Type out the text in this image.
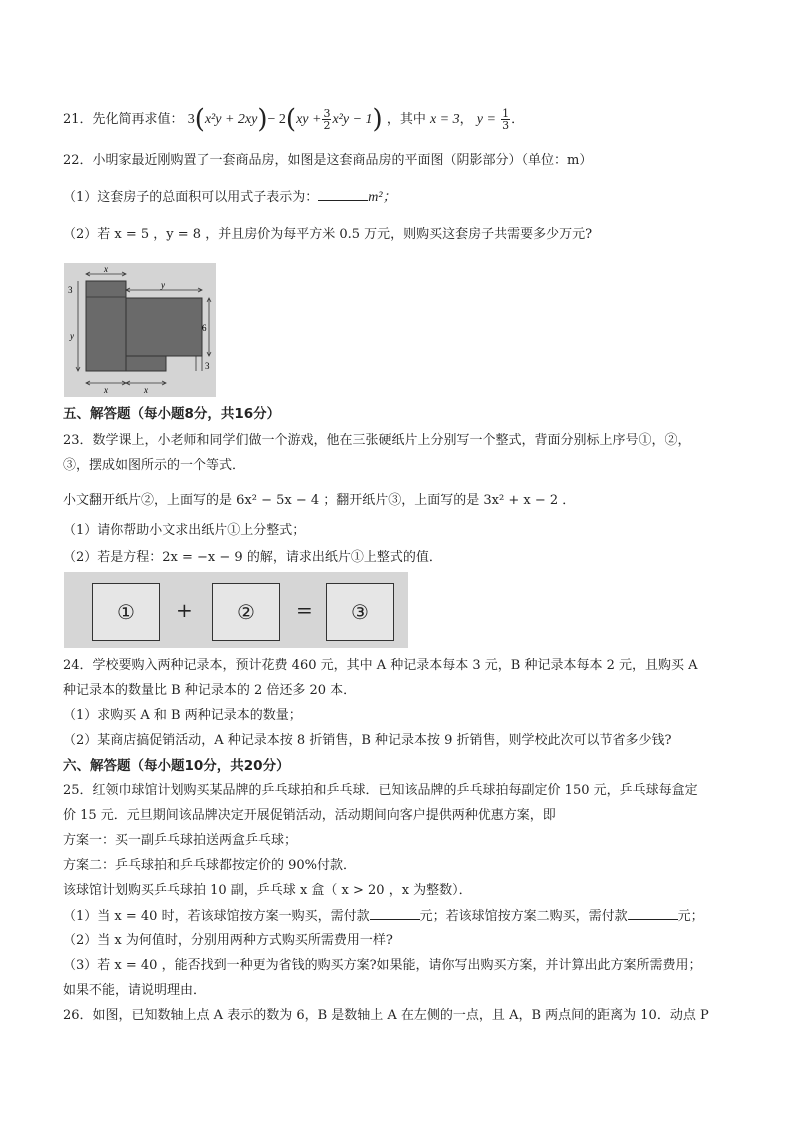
21．先化简再求值： $3(x^2y + 2xy)- 2(xy + \frac{3}{2} x^2y - 1)$ ，其中 x = 3， $y = \frac{1}{3}$ ．
22．小明家最近刚购置了一套商品房，如图是这套商品房的平面图（阴影部分）（单位：m）
（1）这套房子的总面积可以用式子表示为：	m²；
（2）若 x = 5 ，y = 8 ，并且房价为每平方米 0.5 万元，则购买这套房子共需要多少万元?
x
y
3
y
6
3
x	x
五、解答题（每小题8分，共16分）
23．数学课上，小老师和同学们做一个游戏，他在三张硬纸片上分别写一个整式，背面分别标上序号①，②，
③，摆成如图所示的一个等式．
小文翻开纸片②，上面写的是 6x² − 5x − 4 ；翻开纸片③，上面写的是 3x² + x − 2 ．
（1）请你帮助小文求出纸片①上分整式；
（2）若是方程：2x = −x − 9 的解，请求出纸片①上整式的值．
① + ② = ③
24．学校要购入两种记录本，预计花费 460 元，其中 A 种记录本每本 3 元，B 种记录本每本 2 元，且购买 A
种记录本的数量比 B 种记录本的 2 倍还多 20 本．
（1）求购买 A 和 B 两种记录本的数量；
（2）某商店搞促销活动，A 种记录本按 8 折销售，B 种记录本按 9 折销售，则学校此次可以节省多少钱?
六、解答题（每小题10分，共20分）
25．红领巾球馆计划购买某品牌的乒乓球拍和乒乓球．已知该品牌的乒乓球拍每副定价 150 元，乒乓球每盒定
价 15 元．元旦期间该品牌决定开展促销活动，活动期间向客户提供两种优惠方案，即
方案一：买一副乒乓球拍送两盒乒乓球；
方案二：乒乓球拍和乒乓球都按定价的 90%付款．
该球馆计划购买乒乓球拍 10 副，乒乓球 x 盒（ x > 20 ，x 为整数）．
（1）当 x = 40 时，若该球馆按方案一购买，需付款	元；若该球馆按方案二购买，需付款	元；
（2）当 x 为何值时，分别用两种方式购买所需费用一样?
（3）若 x = 40 ，能否找到一种更为省钱的购买方案?如果能，请你写出购买方案，并计算出此方案所需费用；
如果不能，请说明理由．
26．如图，已知数轴上点 A 表示的数为 6，B 是数轴上 A 在左侧的一点，且 A，B 两点间的距离为 10．动点 P
